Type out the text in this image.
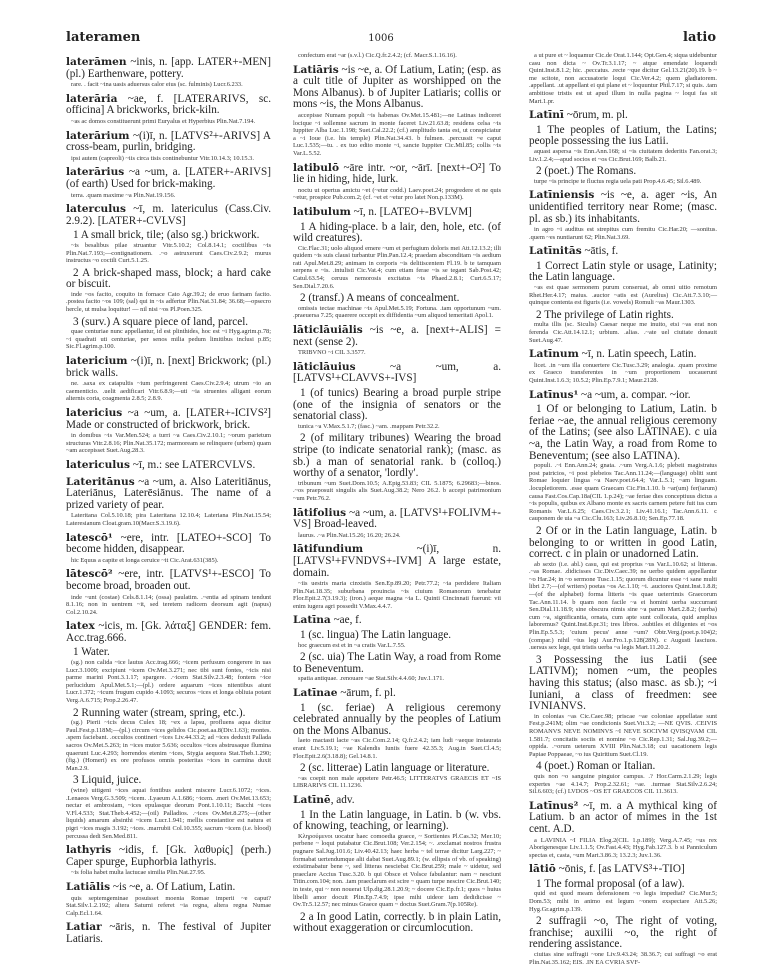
lateramen	1006	latio

laterāmen ~inis, n. [app. LATER+-MEN] (pl.) Earthenware, pottery.

rare. . facit ~ina uasis aduersus calor eius (sc. fulminis) Lucr.6.233.

laterāria ~ae, f. [LATERARIVS, sc. officina] A brickworks, brick-kiln.

~as ac domos constituerunt primi Euryalus et Hyperbius Plin.Nat.7.194.

laterārium ~(i)ī, n. [LATVS²+-ARIVS] A cross-beam, purlin, bridging.

ipsi autem (capreoli) ~iis circa tisis continebuntur Vitr.10.14.3; 10.15.3.

laterārius ~a ~um, a. [LATER+-ARIVS] (of earth) Used for brick-making.

terra. .quam maxime ~a Plin.Nat.19.156.

laterculus ~ī, m. latericulus (Cass.Civ. 2.9.2). [LATER+-CVLVS]

1 A small brick, tile; (also sg.) brickwork.

~is besalibus pilae struantur Vitr.5.10.2; Col.8.14.1; coctilibus ~is Plin.Nat.7.193;—contignationem. .~o astruxerunt Caes.Civ.2.9.2; murus instructus ~o coctili Curt.5.1.25.

2 A brick-shaped mass, block; a hard cake or biscuit.

inde ~os facito, coquito in fornace Cato Agr.39.2; de eruo farinam facito. .postea facito ~os 109; (sal) qui in ~is adfertur Plin.Nat.31.84; 36.68;—opsecro hercle, ut mulsa loquitur! — nil nisi ~os Pl.Poen.325.

3 (surv.) A square piece of land, parcel.

quae centuriae nunc appellantur, id est plinthides, hoc est ~i Hyg.agrim.p.78; ~i quadrati uti centuriae, per senos milia pedum limitibus inclusi p.85; Sic.Fl.agrim.p.100.

latericium ~(i)ī, n. [next] Brickwork; (pl.) brick walls.

ne. .saxa ex catapultis ~ium perfringerent Caes.Civ.2.9.4; utrum ~io an caementicio. .uelit aedificari Vitr.6.8.9;—uti ~ia struentes alligant eorum alternis coria, coagmenta 2.8.5; 2.8.9.

latericius ~a ~um, a. [LATER+-ICIVS²] Made or constructed of brickwork, brick.

in domibus ~is Var.Men.524; a turri ~a Caes.Civ.2.10.1; ~orum parietum structuras Vitr.2.8.16; Plin.Nat.35.172; marmoream se relinquere (urbem) quam ~am accepisset Suet.Aug.28.3.

latericulus ~ī, m.: see LATERCVLVS.

Lateritānus ~a ~um, a. Also Lateritiānus, Lateriānus, Laterēsiānus. The name of a prized variety of pear.

Lateritana Col.5.10.18; pira Lateritana 12.10.4; Laterianа Plin.Nat.15.54; Lateresianum Cloat.gram.10(Macr.S.3.19.6).

latescō¹ ~ere, intr. [LATEO+-SCO] To become hidden, disappear.

hic Equus a capite et longa ceruice ~it Cic.Arat.631(385).

lātescō² ~ere, intr. [LATVS¹+-ESCO] To become broad, broaden out.

inde ~unt (costae) Cels.8.1.14; (ossa) paulatim. .~entia ad spinam tendunt 8.1.16; non in uentrem ~it, sed teretem radicem deorsum agit (napus) Col.2.10.24.

latex ~icis, m. [Gk. λάταξ] GENDER: fem. Acc.trag.666.

1 Water.

(sg.) non calida ~ice lautus Acc.trag.666; ~icem perfusum congerere in uas Lucr.3.1009; excipiunt ~icem Ov.Met.3.271; nec tibi sunt fontes, ~icis nisi parme marini Pont.3.1.17; spargere. .~icem Stat.Silv.2.3.48; fontem ~ice perlucidum Apul.Met.5.1;—(pl.) ordere aquarum ~ices nitentibus aiunt Lucr.1.372; ~icum frugum cupido 4.1093; securos ~ices et longa obliuia potant Verg.A.6.715; Prop.2.26.47.

2 Running water (stream, spring, etc.).

(sg.) Pierii ~icis decus Culex 18; ~ex a lapsu, profluens aqua dicitur Paul.Fest.p.118M;—(pl.) circum ~ices gelidos Cic.poet.aa.8(Div.1.63); montes. .spem faciebant. .occultos contineri ~ices Liv.44.33.2; ad ~ices deduxit Pallada sacros Ov.Met.5.263; in ~ices mutor 5.636; occultos ~ices abstrusaque flumina quaerunt Luc.4.293; horrendos etenim ~ices, Stygia aequora Stat.Theb.1.290; (fig.) (Homeri) ex ore profusos omnis posteritas ~ices in carmina duxit Man.2.9.

3 Liquid, juice.

(wine) uitigeni ~ices aquai fontibus audent miscere Lucr.6.1072; ~ices. .Lenaeos Verg.G.3.509; ~icem. .Lyaeum A.1.686; ~icem. .meri Ov.Met.13.653; nectar et ambrosiam, ~ices epulasque deorum Pont.1.10.11; Bacchi ~ices V.Fl.4.533; Stat.Theb.4.452;—(oil) Palladios. .~ices Ov.Met.8.275;—(other liquids) amarum absinthi ~icem Lucr.1.941; mellis constantior est natura et pigri ~ices magis 3.192; ~ices. .marrubii Col.10.355; sacrum ~icem (i.e. blood) percussa dedi Sen.Med.811.

lathyris ~idis, f. [Gk. λαθυρίς] (perh.) Caper spurge, Euphorbia lathyris.

~is folia habet multa lactucae similia Plin.Nat.27.95.

Latiālis ~is ~e, a. Of Latium, Latin.

quis septemgeminae posuisset moenia Romae imperii ~e caput? Stat.Silv.1.2.192; altera Saturni referet ~ia regna, altera regna Numae Calp.Ecl.1.64.

Latiar ~āris, n. The festival of Jupiter Latiaris.

confectum erat ~ar (s.v.l.) Cic.Q.fr.2.4.2; (cf. Macr.S.1.16.16).

Latiāris ~is ~e, a. Of Latium, Latin; (esp. as a cult title of Jupiter as worshipped on the Mons Albanus). b of Jupiter Latiaris; collis or mons ~is, the Mons Albanus.

accepisse Numam populi ~is habenas Ov.Met.15.481;—ne Latinas indiceret locique ~i sollemne sacrum in monte faceret Liv.21.63.8; residens celsa ~is Iuppiter Alba Luc.1.198; Suet.Cal.22.2; (cf.) amplitudo tanta est, ut conspiciatur a ~i Ioue (i.e. his temple) Plin.Nat.34.43. b fulmen. .percussit ~e caput Luc.1.535;—tu. . ex tuo edito monte ~i, sancte Iuppiter Cic.Mil.85; collis ~is Var.L.5.52.

latibulō ~āre intr. ~or, ~ārī. [next+-O²] To lie in hiding, hide, lurk.

noctu ut opertus amictu ~et (~etur codd.) Laev.poet.24; progredere et ne quis ~etur, prospice Pub.com.2; (cf. ~et et ~etur pro latet Non.p.133M).

latibulum ~ī, n. [LATEO+-BVLVM]

1 A hiding-place. b a lair, den, hole, etc. (of wild creatures).

Cic.Flac.31; uolo aliquod emere ~um et perfugium doloris mei Att.12.13.2; illi quidem ~is suis clausi turbantur Plin.Pan.12.4; praedam absconditam ~is aedium rati Apul.Met.8.29; animam in corporis ~is delitiscentem Fl.19. b te tamquam serpens e ~is. .intulisti Cic.Vat.4; cum etiam ferae ~is se tegant Sab.Post.42; Catul.63.54; ceruus nemorosis excitatus ~is Phaed.2.8.1; Curt.6.5.17; Sen.Dial.7.20.6.

2 (transf.) A means of concealment.

omissis tectae machinae ~is Apul.Met.5.19; Fortuna. .tam opportunum ~um. .praeuersa 7.25; quaerere occepit ex diffidentia ~um aliquod temeritati Apol.1.

lāticlāuiālis ~is ~e, a. [next+-ALIS] = next (sense 2).

TRIBVNO ~i CIL 3.3577.

lāticlāuius ~a ~um, a. [LATVS¹+CLAVVS+-IVS]

1 (of tunics) Bearing a broad purple stripe (one of the insignia of senators or the senatorial class).

tunica ~a V.Max.5.1.7; (fasc.) ~am. .mappam Petr.32.2.

2 (of military tribunes) Wearing the broad stripe (to indicate senatorial rank); (masc. as sb.) a man of senatorial rank. b (colloq.) worthy of a senator, 'lordly'.

tribunum ~um Suet.Dom.10.5; A.Epig.53.83; CIL 5.1875; 6.29683;—binos. .~os praeposuit singulis alis Suet.Aug.38.2; Nero 26.2. b accepi patrimonium ~um Petr.76.2.

lātifolius ~a ~um, a. [LATVS¹+FOLIVM+-VS] Broad-leaved.

laurus. .~a Plin.Nat.15.26; 16.20; 26.24.

lātifundium ~(i)ī, n. [LATVS¹+FVNDVS+-IVM] A large estate, domain.

~iis uestris maria cinxistis Sen.Ep.89.20; Petr.77.2; ~ia perdidere Italiam Plin.Nat.18.35; suburbana prouincia ~is ciuium Romanorum tenebatur Flor.Epit.2.7(3.19.3); (iron.) aeque magna ~ia L. Quinti Cincinnati fuerunt: vii enim iugera agri possedit V.Max.4.4.7.

Latīna ~ae, f.

1 (sc. lingua) The Latin language.

hoc graecum est et in ~a cratis Var.L.7.55.

2 (sc. uia) The Latin Way, a road from Rome to Beneventum.

spatia antiquae. .renouare ~ae Stat.Silv.4.4.60; Juv.1.171.

Latīnae ~ārum, f. pl.

1 (sc. feriae) A religious ceremony celebrated annually by the peoples of Latium on the Mons Albanus.

laeto mactasti lacte ~as Cic.Com.2.14; Q.fr.2.4.2; iam ludi ~aeque instaurata erant Liv.5.19.1; ~ae Kalendis Iuniis fuere 42.35.3; Aug.in Suet.Cl.4.5; Flor.Epit.2.6(3.18.8); Gel.14.8.1.

2 (sc. litterae) Latin language or literature.

~as coepit non male appetere Petr.46.5; LITTERATVS GRAECIS ET ~IS LIBRARIVS CIL 11.1236.

Latīnē, adv.

1 In the Latin language, in Latin. b (w. vbs. of knowing, teaching, or learning).

Κληρούμενοι uocatur haec comoedia graece, ~ Sortientes Pl.Cas.32; Mer.10; perbene ~ loqui putabatur Cic.Brut.108; Ver.2.154; ~. .exclamat nostros frustra pugnare Sal.Jug.101.6; Liv.40.42.13; haec herba ~ tel terrae dicitur Larg.227; ~ formabat uertendumque alii dabat Suet.Aug.89.1; (w. ellipsis of vb. of speaking) existimabatur bene ~, sed litteras nesciebat Cic.Brut.259; male ~ uidetur, sed praeclare Accius Tusc.3.20. b qui Obsce et Volsce fabulantur: nam ~ nesciunt Titin.com.104; non. .tam praeclarum est scire ~ quam turpe nescire Cic.Brut.140; in teste, qui ~ non nouerat Ulp.dig.28.1.20.9; ~ docere Cic.Ep.fr.1; quos ~ huius libelli amor docuit Plin.Ep.7.4.9; ipse mihi uideor iam dedidicisse ~ Ov.Tr.5.12.57; nec minus Graece quam ~ doctus Suet.Gram.7(p.105Re).

2 a In good Latin, correctly. b in plain Latin, without exaggeration or circumlocution.

a ut pure et ~ loquamur Cic.de Orat.1.144; Opt.Gen.4; siqua uidebuntur casu non dicta ~ Ov.Tr.3.1.17; ~ atque emendate loquendi Quint.Inst.8.1.2; hic. .peccatus. .recte ~que dicitur Gel.13.21(20).19. b ~ me scitote, non accusatorie loqui Cic.Ver.4.2; quem gladiatorem. .appellant. .ut appellant ei qui plane et ~ loquuntur Phil.7.17; si quis. .tam ambitiose tristis est ut apud illum in nulla pagina ~ loqui fas sit Mart.1.pr.

Latīnī ~ōrum, m. pl.

1 The peoples of Latium, the Latins; people possessing the ius Latii.

aquast aspersa ~is Enn.Ann.168; si ~is ciuitatem dederitis Fan.orat.3; Liv.1.2.4;—apud socios et ~os Cic.Brut.169; Balb.21.

2 (poet.) The Romans.

turpe ~is principe te fluctus regia uela pati Prop.4.6.45; Sil.6.489.

Latīniensis ~is ~e, a. ager ~is, An unidentified territory near Rome; (masc. pl. as sb.) its inhabitants.

in agro ~i auditus est strepitus cum fremitu Cic.Har.20; —sonitus. .quem ~es nuntiarunt 62; Plin.Nat.3.69.

Latīnitās ~ātis, f.

1 Correct Latin style or usage, Latinity; the Latin language.

~as est quae sermonem purum conseruat, ab omni uitio remotum Rhet.Her.4.17; maius. .auctor ~atis est (Aurelius) Cic.Att.7.3.10;—quinque contenta est figuris (i.e. vowels) Romuli ~as Maur.1303.

2 The privilege of Latin rights.

multa illis (sc. Siculis) Caesar neque me inuito, etsi ~as erat non ferenda Cic.Att.14.12.1; urbium. .alias. .~ate uel ciuitate donauit Suet.Aug.47.

Latīnum ~ī, n. Latin speech, Latin.

licet. .in ~um illa conuertere Cic.Tusc.3.29; analogia. .quam proxime ex Graeco transferentes in ~um proportionem uocauerunt Quint.Inst.1.6.3; 10.5.2; Plin.Ep.7.9.1; Maur.2128.

Latīnus¹ ~a ~um, a. compar. ~ior.

1 Of or belonging to Latium, Latin. b feriae ~ae, the annual religious ceremony of the Latins; (see also LATINAE). c uia ~a, the Latin Way, a road from Rome to Beneventum; (see also LATINA).

populi. .~i Enn.Ann.24; gnata. .~um Verg.A.1.6; plebeii magistratus post patricios, ~i post plebeios Tac.Ann.11.24;—(language) obliti sunt Romae loquier lingua ~a Naev.poet.64.4; Var.L.5.1; ~am linguam. .locupletiorem. .esse quam Graecam Cic.Fin.1.10. b ~ar(um) fer(iarum) causa Fast.Cos.Cap.18a(CIL 1.p.24); ~ae feriae dies conceptiuus dictus a ~is populis, quibus ex Albano monte ex sacris carnem petere fuit ius cum Romanis Var.L.6.25; Caes.Civ.3.2.1; Liv.41.16.1; Tac.Ann.6.11. c cauponem de uia ~a Cic.Clu.163; Liv.26.8.10; Sen.Ep.77.18.

2 Of or in the Latin language, Latin. b belonging to or written in good Latin, correct. c in plain or unadorned Latin.

ab sexto (i.e. abl.) casu, qui est proprius ~us Var.L.10.62; si litteras. .~as Romae. .didicisses Cic.Div.Caec.39; ne uerbo quidem appellantur ~o Har.24; in ~o sermone Tusc.1.15; quorum dicuntur esse ~i sane multi libri 2.7;—(of writers) poetas ~os Ac.1.10; ~i. .auctores Quint.Inst.1.8.8; —(of the alphabet) forma litteris ~is quae ueterrimis Graecorum Tac.Ann.11.14. b quam non facile ~a ei homini uerba succurrant Sen.Dial.11.18.9; sine obscura nimis sine ~a parum Mart.2.8.2; (uerba) cum ~a, significantia, ornata, cum apte sunt collocata, quid amplius laboremus? Quint.Inst.8.pr.31; tres libros. .subtiles et diligentes et ~os Plin.Ep.5.5.3; 'cuium pecus' anne ~um? Obtr.Verg.(poet.p.104)2; (compar.) nihil ~ius legi Aur.Fro.1.p.128(28N). c Augusti lasciuos. .uersus sex lege, qui tristis uerba ~a legis Mart.11.20.2.

3 Possessing the ius Latii (see LATIVM); nomen ~um, the peoples having this status; (also masc. as sb.); ~i Iuniani, a class of freedmen: see IVNIANVS.

in colonias ~as Cic.Caec.98; priscae ~ae coloniae appellatae sunt Fest.p.241M; olim ~ae condicionis Suet.Vit.3.2; —NE QVIS. .CEIVIS ROMANVS NEVE NOMINVS ~I NEVE SOCIVM QVISQVAM CIL 1.581.7; concitatis sociis et nomine ~o Cic.Rep.1.31; Sal.Jug.39.2;—oppida. .~orum ueterum XVIII Plin.Nat.3.18; cui uacationem legis Papiae Poppaeae, ~o ius Quiritium Suet.Cl.19.

4 (poet.) Roman or Italian.

quis non ~o sanguine pinguior campus. .? Hor.Carm.2.1.29; legis expertes ~ae 4.14.7; Prop.2.32.61; ~ae. .turmae Stat.Silv.2.6.24; Sil.6.603; (cf.) LVDOS ~OS ET GRAECOS CIL 11.3613.

Latīnus² ~ī, m. a A mythical king of Latium. b an actor of mimes in the 1st cent. A.D.

a LAVINIA ~I FILIA Elog.2(CIL 1.p.189); Verg.A.7.45; ~us rex Aborigenesque Liv.1.1.5; Ov.Fast.4.43; Hyg.Fab.127.3. b si Panniculum spectas et, casta, ~um Mart.3.86.3; 13.2.3; Juv.1.36.

lātiō ~ōnis, f. [as LATVS³+-TIO]

1 The formal proposal (of a law).

quid est quod meam defensionem ~o legis impediat? Cic.Mur.5; Dom.53; mihi in animo est legum ~onem exspectare Att.5.26; Hyg.Gr.agrim.p.139.

2 suffragii ~o, The right of voting, franchise; auxilii ~o, the right of rendering assistance.

ciuitas sine suffragii ~one Liv.9.43.24; 38.36.7; cui suffragi ~o erat Plin.Nat.35.162; EIS. .IN EA CVRIA SVF-
